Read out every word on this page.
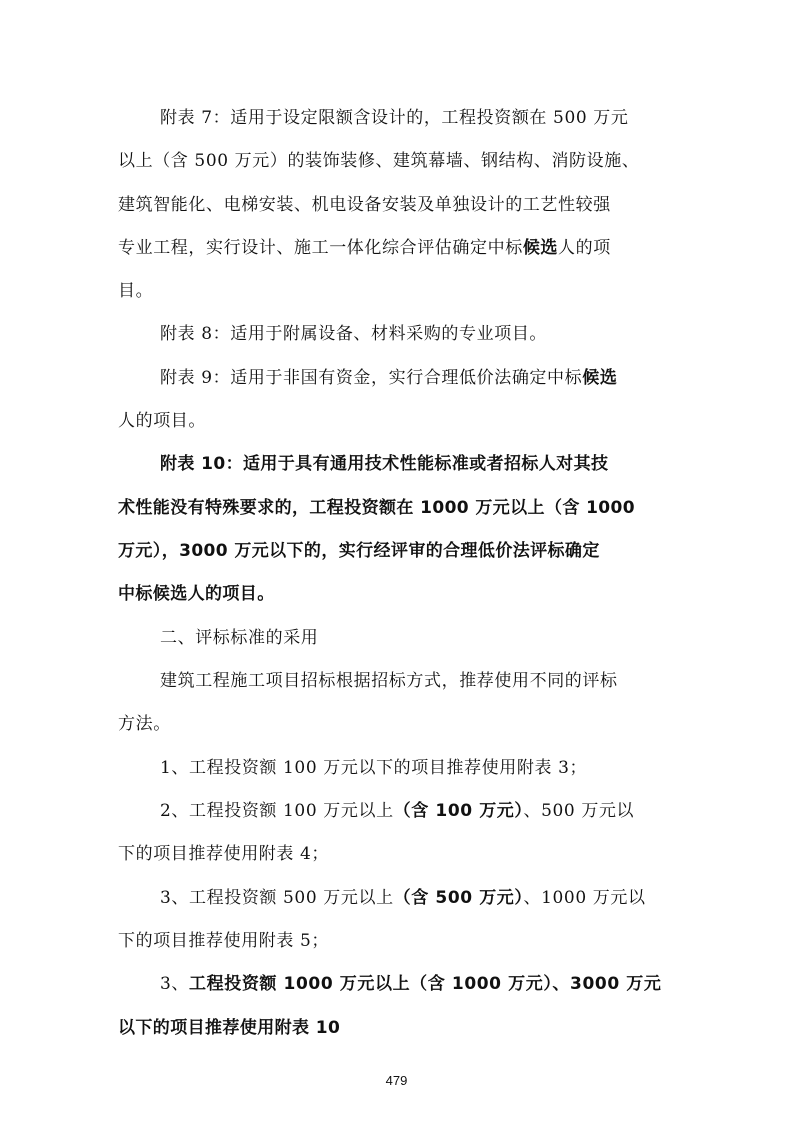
附表 7：适用于设定限额含设计的，工程投资额在 500 万元
以上（含 500 万元）的装饰装修、建筑幕墙、钢结构、消防设施、
建筑智能化、电梯安装、机电设备安装及单独设计的工艺性较强
专业工程，实行设计、施工一体化综合评估确定中标候选人的项
目。
附表 8：适用于附属设备、材料采购的专业项目。
附表 9：适用于非国有资金，实行合理低价法确定中标候选
人的项目。
附表 10：适用于具有通用技术性能标准或者招标人对其技
术性能没有特殊要求的，工程投资额在 1000 万元以上（含 1000
万元），3000 万元以下的，实行经评审的合理低价法评标确定
中标候选人的项目。
二、评标标准的采用
建筑工程施工项目招标根据招标方式，推荐使用不同的评标
方法。
1、工程投资额 100 万元以下的项目推荐使用附表 3；
2、工程投资额 100 万元以上（含 100 万元）、500 万元以
下的项目推荐使用附表 4；
3、工程投资额 500 万元以上（含 500 万元）、1000 万元以
下的项目推荐使用附表 5；
3、工程投资额 1000 万元以上（含 1000 万元）、3000 万元
以下的项目推荐使用附表 10
479
